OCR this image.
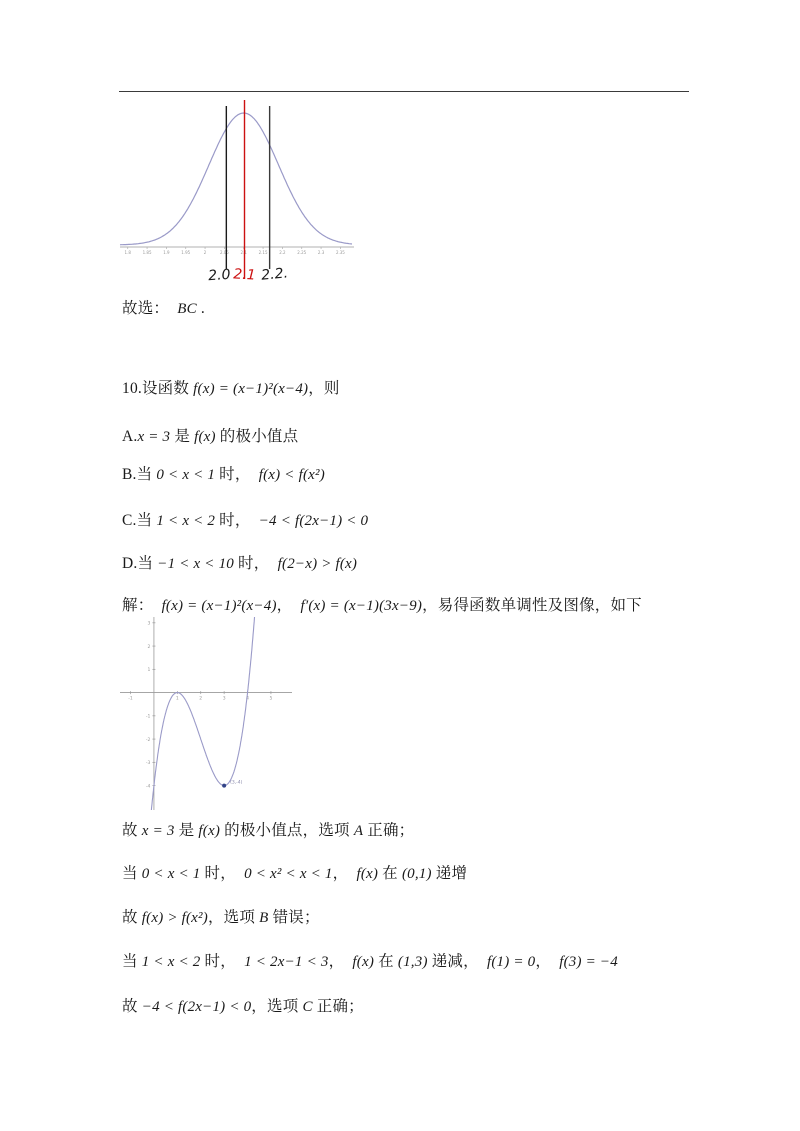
1.8	1.85	1.9	1.95	2	2.05	2.1	2.15	2.2	2.25	2.3	2.35
2.0 2.1 2.2.
故选：  BC .
10.设函数 f(x) = (x−1)²(x−4)，则
A.x = 3 是 f(x) 的极小值点
B.当 0 < x < 1 时，  f(x) < f(x²)
C.当 1 < x < 2 时，  −4 < f(2x−1) < 0
D.当 −1 < x < 10 时，  f(2−x) > f(x)
解：  f(x) = (x−1)²(x−4)，  f′(x) = (x−1)(3x−9)，易得函数单调性及图像，如下
-1	1	2	3	4	5
-4
-3
-2
-1
1
2
3
(3,-4)
故 x = 3 是 f(x) 的极小值点，选项 A 正确；
当 0 < x < 1 时，  0 < x² < x < 1，  f(x) 在 (0,1) 递增
故 f(x) > f(x²)，选项 B 错误；
当 1 < x < 2 时，  1 < 2x−1 < 3，  f(x) 在 (1,3) 递减，  f(1) = 0，  f(3) = −4
故 −4 < f(2x−1) < 0，选项 C 正确；
